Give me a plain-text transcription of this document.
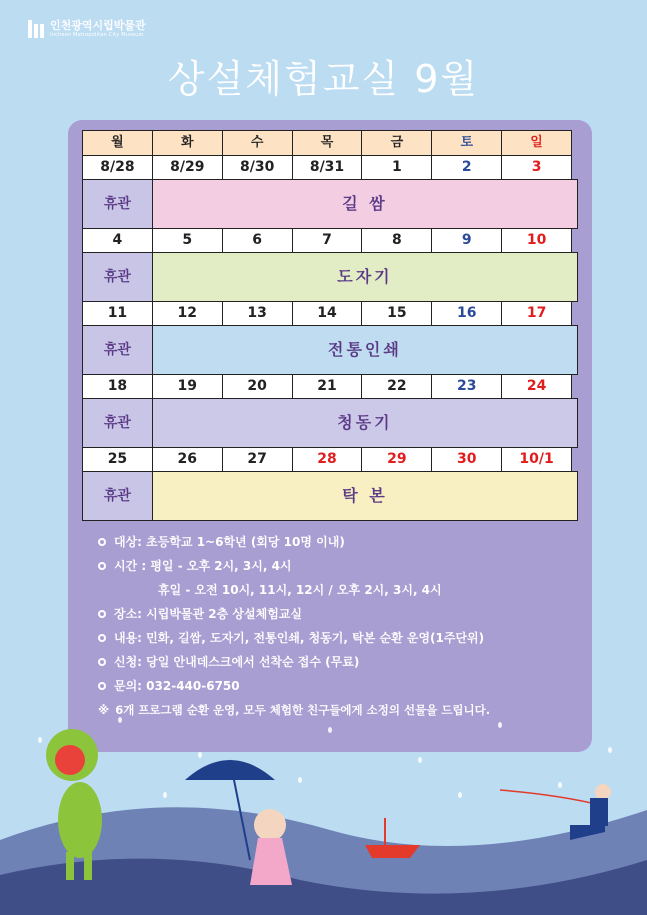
인천광역시립박물관
Incheon Metropolitan City Museum
상설체험교실 9월
월	화	수	목	금	토	일
8/28	8/29	8/30	8/31	1	2	3
휴관	길 쌈
4	5	6	7	8	9	10
휴관	도자기
11	12	13	14	15	16	17
휴관	전통인쇄
18	19	20	21	22	23	24
휴관	청동기
25	26	27	28	29	30	10/1
휴관	탁 본
대상: 초등학교 1~6학년 (회당 10명 이내)
시간 : 평일 - 오후 2시, 3시, 4시
휴일 - 오전 10시, 11시, 12시 / 오후 2시, 3시, 4시
장소: 시립박물관 2층 상설체험교실
내용: 민화, 길쌈, 도자기, 전통인쇄, 청동기, 탁본 순환 운영(1주단위)
신청: 당일 안내데스크에서 선착순 접수 (무료)
문의: 032-440-6750
※ 6개 프로그램 순환 운영, 모두 체험한 친구들에게 소정의 선물을 드립니다.
